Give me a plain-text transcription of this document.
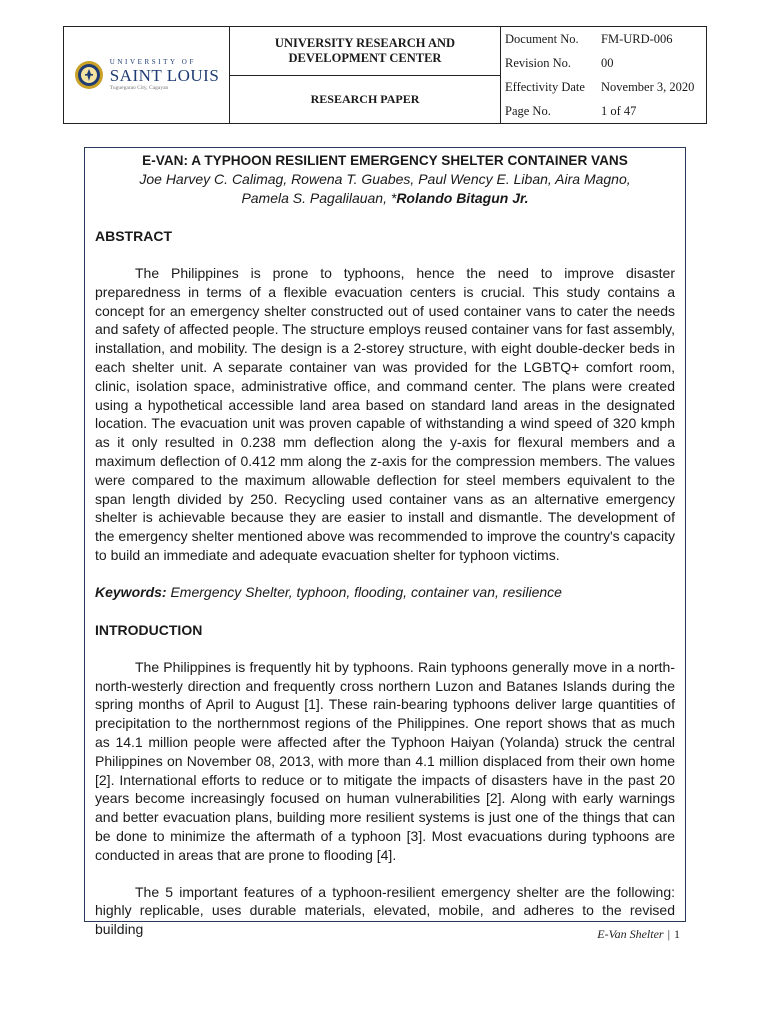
UNIVERSITY OF
SAINT LOUIS
Tuguegarao City, Cagayan
UNIVERSITY RESEARCH AND DEVELOPMENT CENTER
RESEARCH PAPER
Document No.	FM-URD-006
Revision No.	00
Effectivity Date	November 3, 2020
Page No.	1 of 47

E-VAN: A TYPHOON RESILIENT EMERGENCY SHELTER CONTAINER VANS

Joe Harvey C. Calimag, Rowena T. Guabes, Paul Wency E. Liban, Aira Magno,

Pamela S. Pagalilauan, *Rolando Bitagun Jr.

ABSTRACT

The Philippines is prone to typhoons, hence the need to improve disaster preparedness in terms of a flexible evacuation centers is crucial. This study contains a concept for an emergency shelter constructed out of used container vans to cater the needs and safety of affected people. The structure employs reused container vans for fast assembly, installation, and mobility. The design is a 2-storey structure, with eight double-decker beds in each shelter unit. A separate container van was provided for the LGBTQ+ comfort room, clinic, isolation space, administrative office, and command center. The plans were created using a hypothetical accessible land area based on standard land areas in the designated location. The evacuation unit was proven capable of withstanding a wind speed of 320 kmph as it only resulted in 0.238 mm deflection along the y-axis for flexural members and a maximum deflection of 0.412 mm along the z-axis for the compression members. The values were compared to the maximum allowable deflection for steel members equivalent to the span length divided by 250. Recycling used container vans as an alternative emergency shelter is achievable because they are easier to install and dismantle. The development of the emergency shelter mentioned above was recommended to improve the country's capacity to build an immediate and adequate evacuation shelter for typhoon victims.

Keywords: Emergency Shelter, typhoon, flooding, container van, resilience

INTRODUCTION

The Philippines is frequently hit by typhoons. Rain typhoons generally move in a north-north-westerly direction and frequently cross northern Luzon and Batanes Islands during the spring months of April to August [1]. These rain-bearing typhoons deliver large quantities of precipitation to the northernmost regions of the Philippines. One report shows that as much as 14.1 million people were affected after the Typhoon Haiyan (Yolanda) struck the central Philippines on November 08, 2013, with more than 4.1 million displaced from their own home [2]. International efforts to reduce or to mitigate the impacts of disasters have in the past 20 years become increasingly focused on human vulnerabilities [2]. Along with early warnings and better evacuation plans, building more resilient systems is just one of the things that can be done to minimize the aftermath of a typhoon [3]. Most evacuations during typhoons are conducted in areas that are prone to flooding [4].

The 5 important features of a typhoon-resilient emergency shelter are the following: highly replicable, uses durable materials, elevated, mobile, and adheres to the revised building	E-Van Shelter | 1
